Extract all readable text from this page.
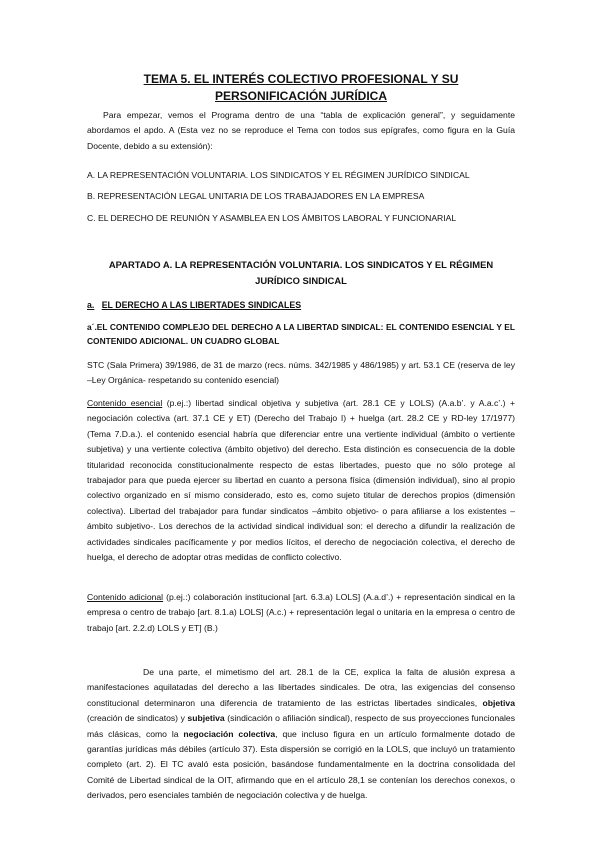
TEMA 5. EL INTERÉS COLECTIVO PROFESIONAL Y SU PERSONIFICACIÓN JURÍDICA

Para empezar, vemos el Programa dentro de una “tabla de explicación general”, y seguidamente abordamos el apdo. A (Esta vez no se reproduce el Tema con todos sus epígrafes, como figura en la Guía Docente, debido a su extensión):

A. LA REPRESENTACIÓN VOLUNTARIA. LOS SINDICATOS Y EL RÉGIMEN JURÍDICO SINDICAL
B. REPRESENTACIÓN LEGAL UNITARIA DE LOS TRABAJADORES EN LA EMPRESA
C. EL DERECHO DE REUNIÓN Y ASAMBLEA EN LOS ÁMBITOS LABORAL Y FUNCIONARIAL
APARTADO A. LA REPRESENTACIÓN VOLUNTARIA. LOS SINDICATOS Y EL RÉGIMEN JURÍDICO SINDICAL
a. EL DERECHO A LAS LIBERTADES SINDICALES
a´.EL CONTENIDO COMPLEJO DEL DERECHO A LA LIBERTAD SINDICAL: EL CONTENIDO ESENCIAL Y EL CONTENIDO ADICIONAL. UN CUADRO GLOBAL

STC (Sala Primera) 39/1986, de 31 de marzo (recs. núms. 342/1985 y 486/1985) y art. 53.1 CE (reserva de ley –Ley Orgánica- respetando su contenido esencial)

Contenido esencial (p.ej.:) libertad sindical objetiva y subjetiva (art. 28.1 CE y LOLS) (A.a.b’. y A.a.c’.) + negociación colectiva (art. 37.1 CE y ET) (Derecho del Trabajo I) + huelga (art. 28.2 CE y RD-ley 17/1977) (Tema 7.D.a.). el contenido esencial habría que diferenciar entre una vertiente individual (ámbito o vertiente subjetiva) y una vertiente colectiva (ámbito objetivo) del derecho. Esta distinción es consecuencia de la doble titularidad reconocida constitucionalmente respecto de estas libertades, puesto que no sólo protege al trabajador para que pueda ejercer su libertad en cuanto a persona física (dimensión individual), sino al propio colectivo organizado en sí mismo considerado, esto es, como sujeto titular de derechos propios (dimensión colectiva). Libertad del trabajador para fundar sindicatos –ámbito objetivo- o para afiliarse a los existentes –ámbito subjetivo-. Los derechos de la actividad sindical individual son: el derecho a difundir la realización de actividades sindicales pacíficamente y por medios lícitos, el derecho de negociación colectiva, el derecho de huelga, el derecho de adoptar otras medidas de conflicto colectivo.

Contenido adicional (p.ej.:) colaboración institucional [art. 6.3.a) LOLS] (A.a.d’.) + representación sindical en la empresa o centro de trabajo [art. 8.1.a) LOLS] (A.c.) + representación legal o unitaria en la empresa o centro de trabajo [art. 2.2.d) LOLS y ET] (B.)

De una parte, el mimetismo del art. 28.1 de la CE, explica la falta de alusión expresa a manifestaciones aquilatadas del derecho a las libertades sindicales. De otra, las exigencias del consenso constitucional determinaron una diferencia de tratamiento de las estrictas libertades sindicales, objetiva (creación de sindicatos) y subjetiva (sindicación o afiliación sindical), respecto de sus proyecciones funcionales más clásicas, como la negociación colectiva, que incluso figura en un artículo formalmente dotado de garantías jurídicas más débiles (artículo 37). Esta dispersión se corrigió en la LOLS, que incluyó un tratamiento completo (art. 2). El TC avaló esta posición, basándose fundamentalmente en la doctrina consolidada del Comité de Libertad sindical de la OIT, afirmando que en el artículo 28,1 se contenían los derechos conexos, o derivados, pero esenciales también de negociación colectiva y de huelga.
